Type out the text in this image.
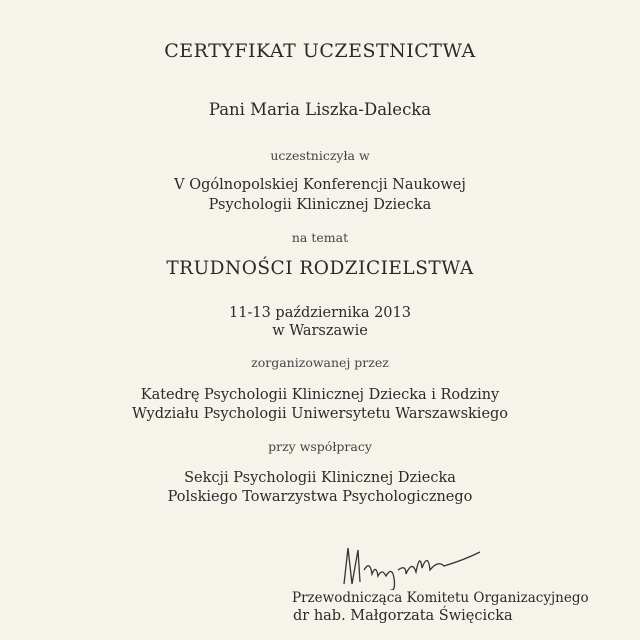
CERTYFIKAT UCZESTNICTWA
Pani Maria Liszka-Dalecka
uczestniczyła w
V Ogólnopolskiej Konferencji Naukowej
Psychologii Klinicznej Dziecka
na temat
TRUDNOŚCI RODZICIELSTWA
11-13 października 2013
w Warszawie
zorganizowanej przez
Katedrę Psychologii Klinicznej Dziecka i Rodziny
Wydziału Psychologii Uniwersytetu Warszawskiego
przy współpracy
Sekcji Psychologii Klinicznej Dziecka
Polskiego Towarzystwa Psychologicznego
Przewodnicząca Komitetu Organizacyjnego
dr hab. Małgorzata Święcicka
